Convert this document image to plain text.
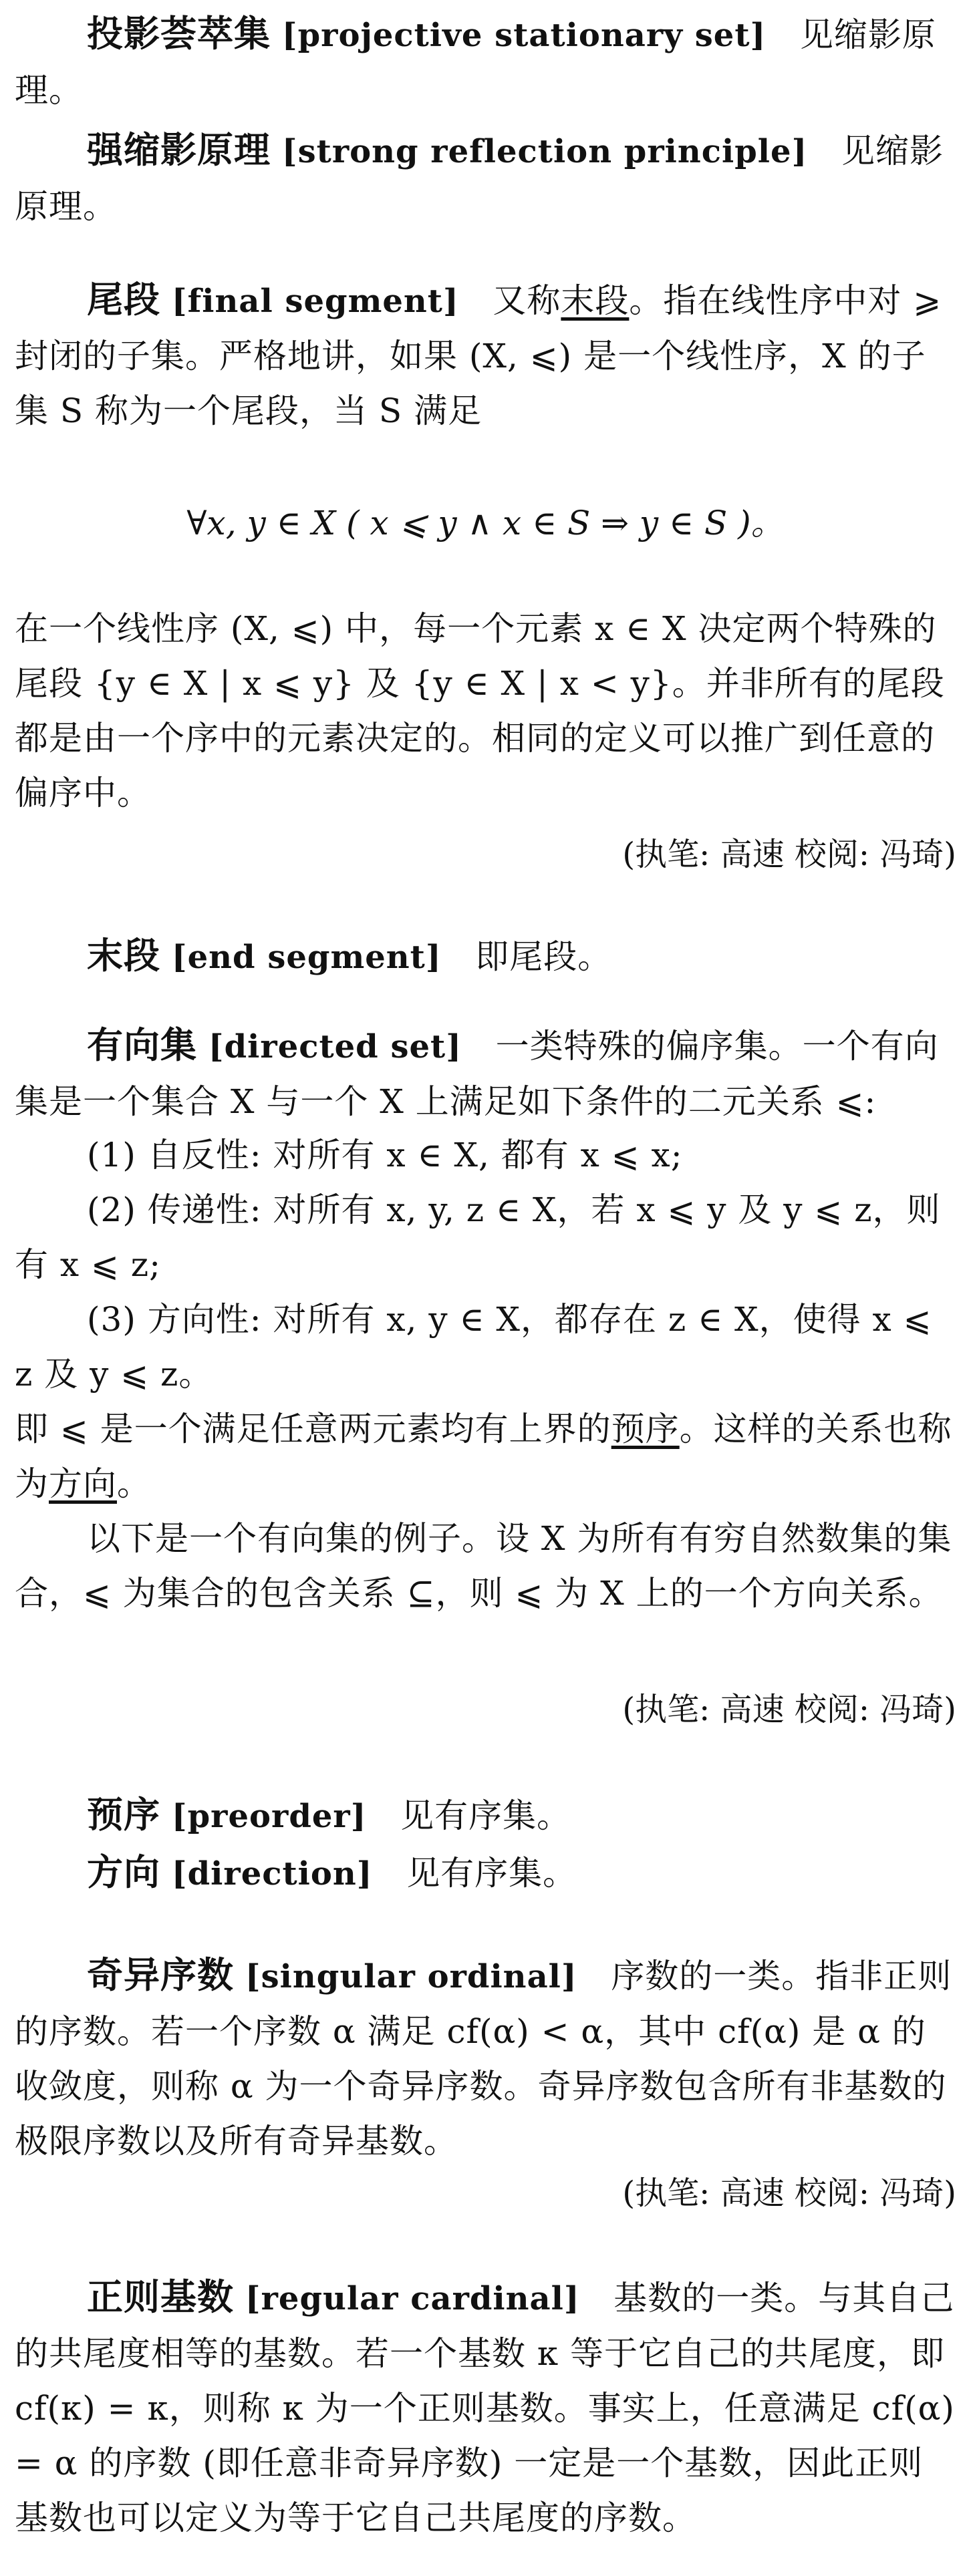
投影荟萃集 [projective stationary set] 见缩影原理。
强缩影原理 [strong reflection principle] 见缩影原理。
尾段 [final segment] 又称末段。指在线性序中对 ⩾ 封闭的子集。严格地讲，如果 (X, ⩽) 是一个线性序，X 的子集 S 称为一个尾段，当 S 满足
∀x, y ∈ X ( x ⩽ y ∧ x ∈ S ⇒ y ∈ S )。
在一个线性序 (X, ⩽) 中，每一个元素 x ∈ X 决定两个特殊的尾段 {y ∈ X | x ⩽ y} 及 {y ∈ X | x < y}。并非所有的尾段都是由一个序中的元素决定的。相同的定义可以推广到任意的偏序中。
(执笔: 高速 校阅: 冯琦)
末段 [end segment] 即尾段。
有向集 [directed set] 一类特殊的偏序集。一个有向集是一个集合 X 与一个 X 上满足如下条件的二元关系 ⩽:
(1) 自反性: 对所有 x ∈ X, 都有 x ⩽ x;
(2) 传递性: 对所有 x, y, z ∈ X，若 x ⩽ y 及 y ⩽ z，则有 x ⩽ z;
(3) 方向性: 对所有 x, y ∈ X，都存在 z ∈ X，使得 x ⩽ z 及 y ⩽ z。
即 ⩽ 是一个满足任意两元素均有上界的预序。这样的关系也称为方向。
以下是一个有向集的例子。设 X 为所有有穷自然数集的集合，⩽ 为集合的包含关系 ⊆，则 ⩽ 为 X 上的一个方向关系。
(执笔: 高速 校阅: 冯琦)
预序 [preorder] 见有序集。
方向 [direction] 见有序集。
奇异序数 [singular ordinal] 序数的一类。指非正则的序数。若一个序数 α 满足 cf(α) < α，其中 cf(α) 是 α 的收敛度，则称 α 为一个奇异序数。奇异序数包含所有非基数的极限序数以及所有奇异基数。
(执笔: 高速 校阅: 冯琦)
正则基数 [regular cardinal] 基数的一类。与其自己的共尾度相等的基数。若一个基数 κ 等于它自己的共尾度，即 cf(κ) = κ，则称 κ 为一个正则基数。事实上，任意满足 cf(α) = α 的序数 (即任意非奇异序数) 一定是一个基数，因此正则基数也可以定义为等于它自己共尾度的序数。
